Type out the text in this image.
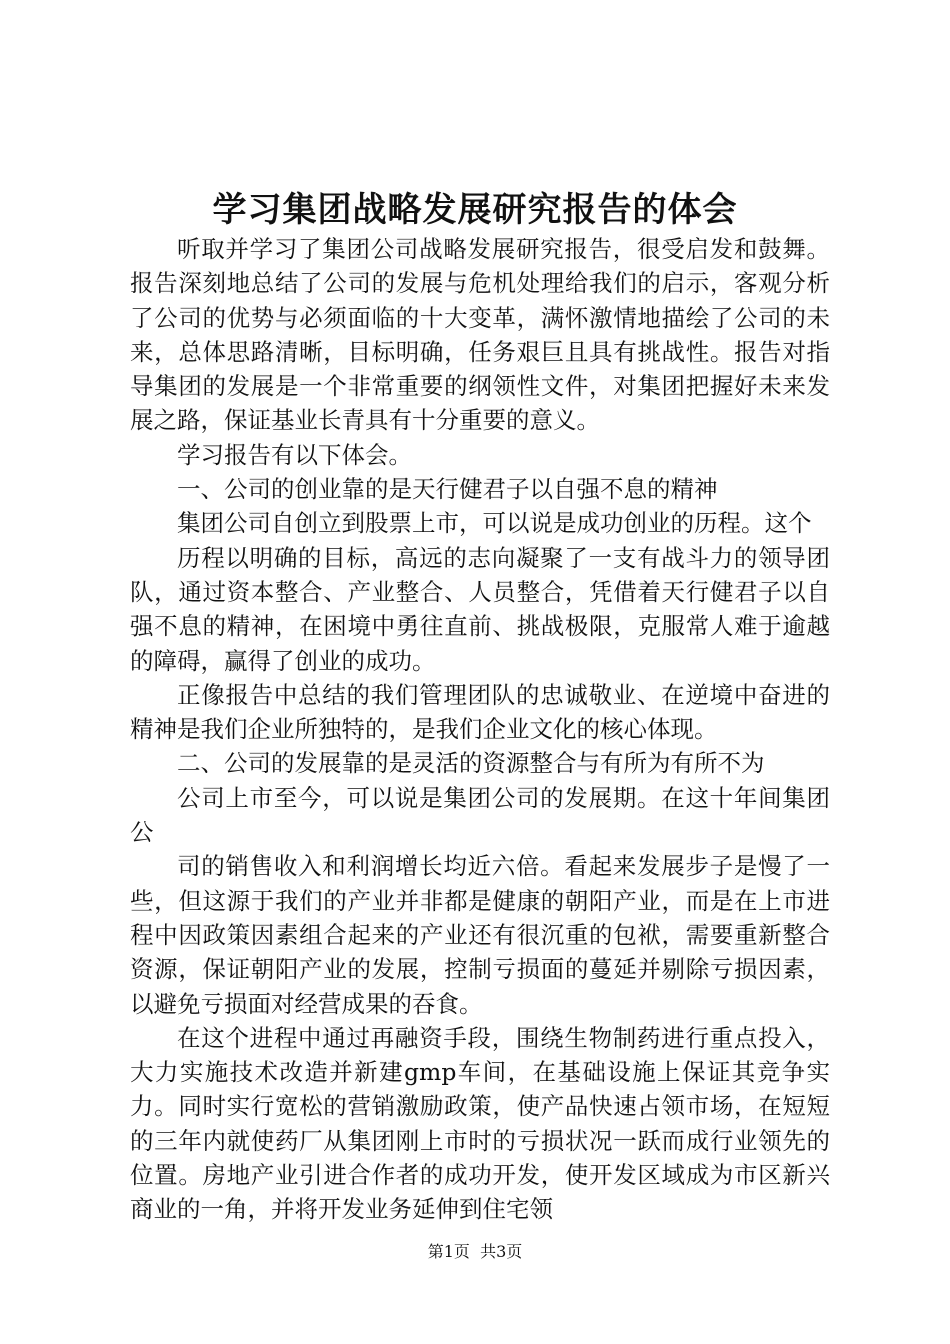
学习集团战略发展研究报告的体会

听取并学习了集团公司战略发展研究报告，很受启发和鼓舞。报告深刻地总结了公司的发展与危机处理给我们的启示，客观分析了公司的优势与必须面临的十大变革，满怀激情地描绘了公司的未来，总体思路清晰，目标明确，任务艰巨且具有挑战性。报告对指导集团的发展是一个非常重要的纲领性文件，对集团把握好未来发展之路，保证基业长青具有十分重要的意义。

学习报告有以下体会。

一、公司的创业靠的是天行健君子以自强不息的精神

集团公司自创立到股票上市，可以说是成功创业的历程。这个

历程以明确的目标，高远的志向凝聚了一支有战斗力的领导团队，通过资本整合、产业整合、人员整合，凭借着天行健君子以自强不息的精神，在困境中勇往直前、挑战极限，克服常人难于逾越的障碍，赢得了创业的成功。

正像报告中总结的我们管理团队的忠诚敬业、在逆境中奋进的精神是我们企业所独特的，是我们企业文化的核心体现。

二、公司的发展靠的是灵活的资源整合与有所为有所不为

公司上市至今，可以说是集团公司的发展期。在这十年间集团公

司的销售收入和利润增长均近六倍。看起来发展步子是慢了一些，但这源于我们的产业并非都是健康的朝阳产业，而是在上市进程中因政策因素组合起来的产业还有很沉重的包袱，需要重新整合资源，保证朝阳产业的发展，控制亏损面的蔓延并剔除亏损因素，以避免亏损面对经营成果的吞食。

在这个进程中通过再融资手段，围绕生物制药进行重点投入，大力实施技术改造并新建gmp车间，在基础设施上保证其竞争实力。同时实行宽松的营销激励政策，使产品快速占领市场，在短短的三年内就使药厂从集团刚上市时的亏损状况一跃而成行业领先的位置。房地产业引进合作者的成功开发，使开发区域成为市区新兴商业的一角，并将开发业务延伸到住宅领

第1页  共3页
